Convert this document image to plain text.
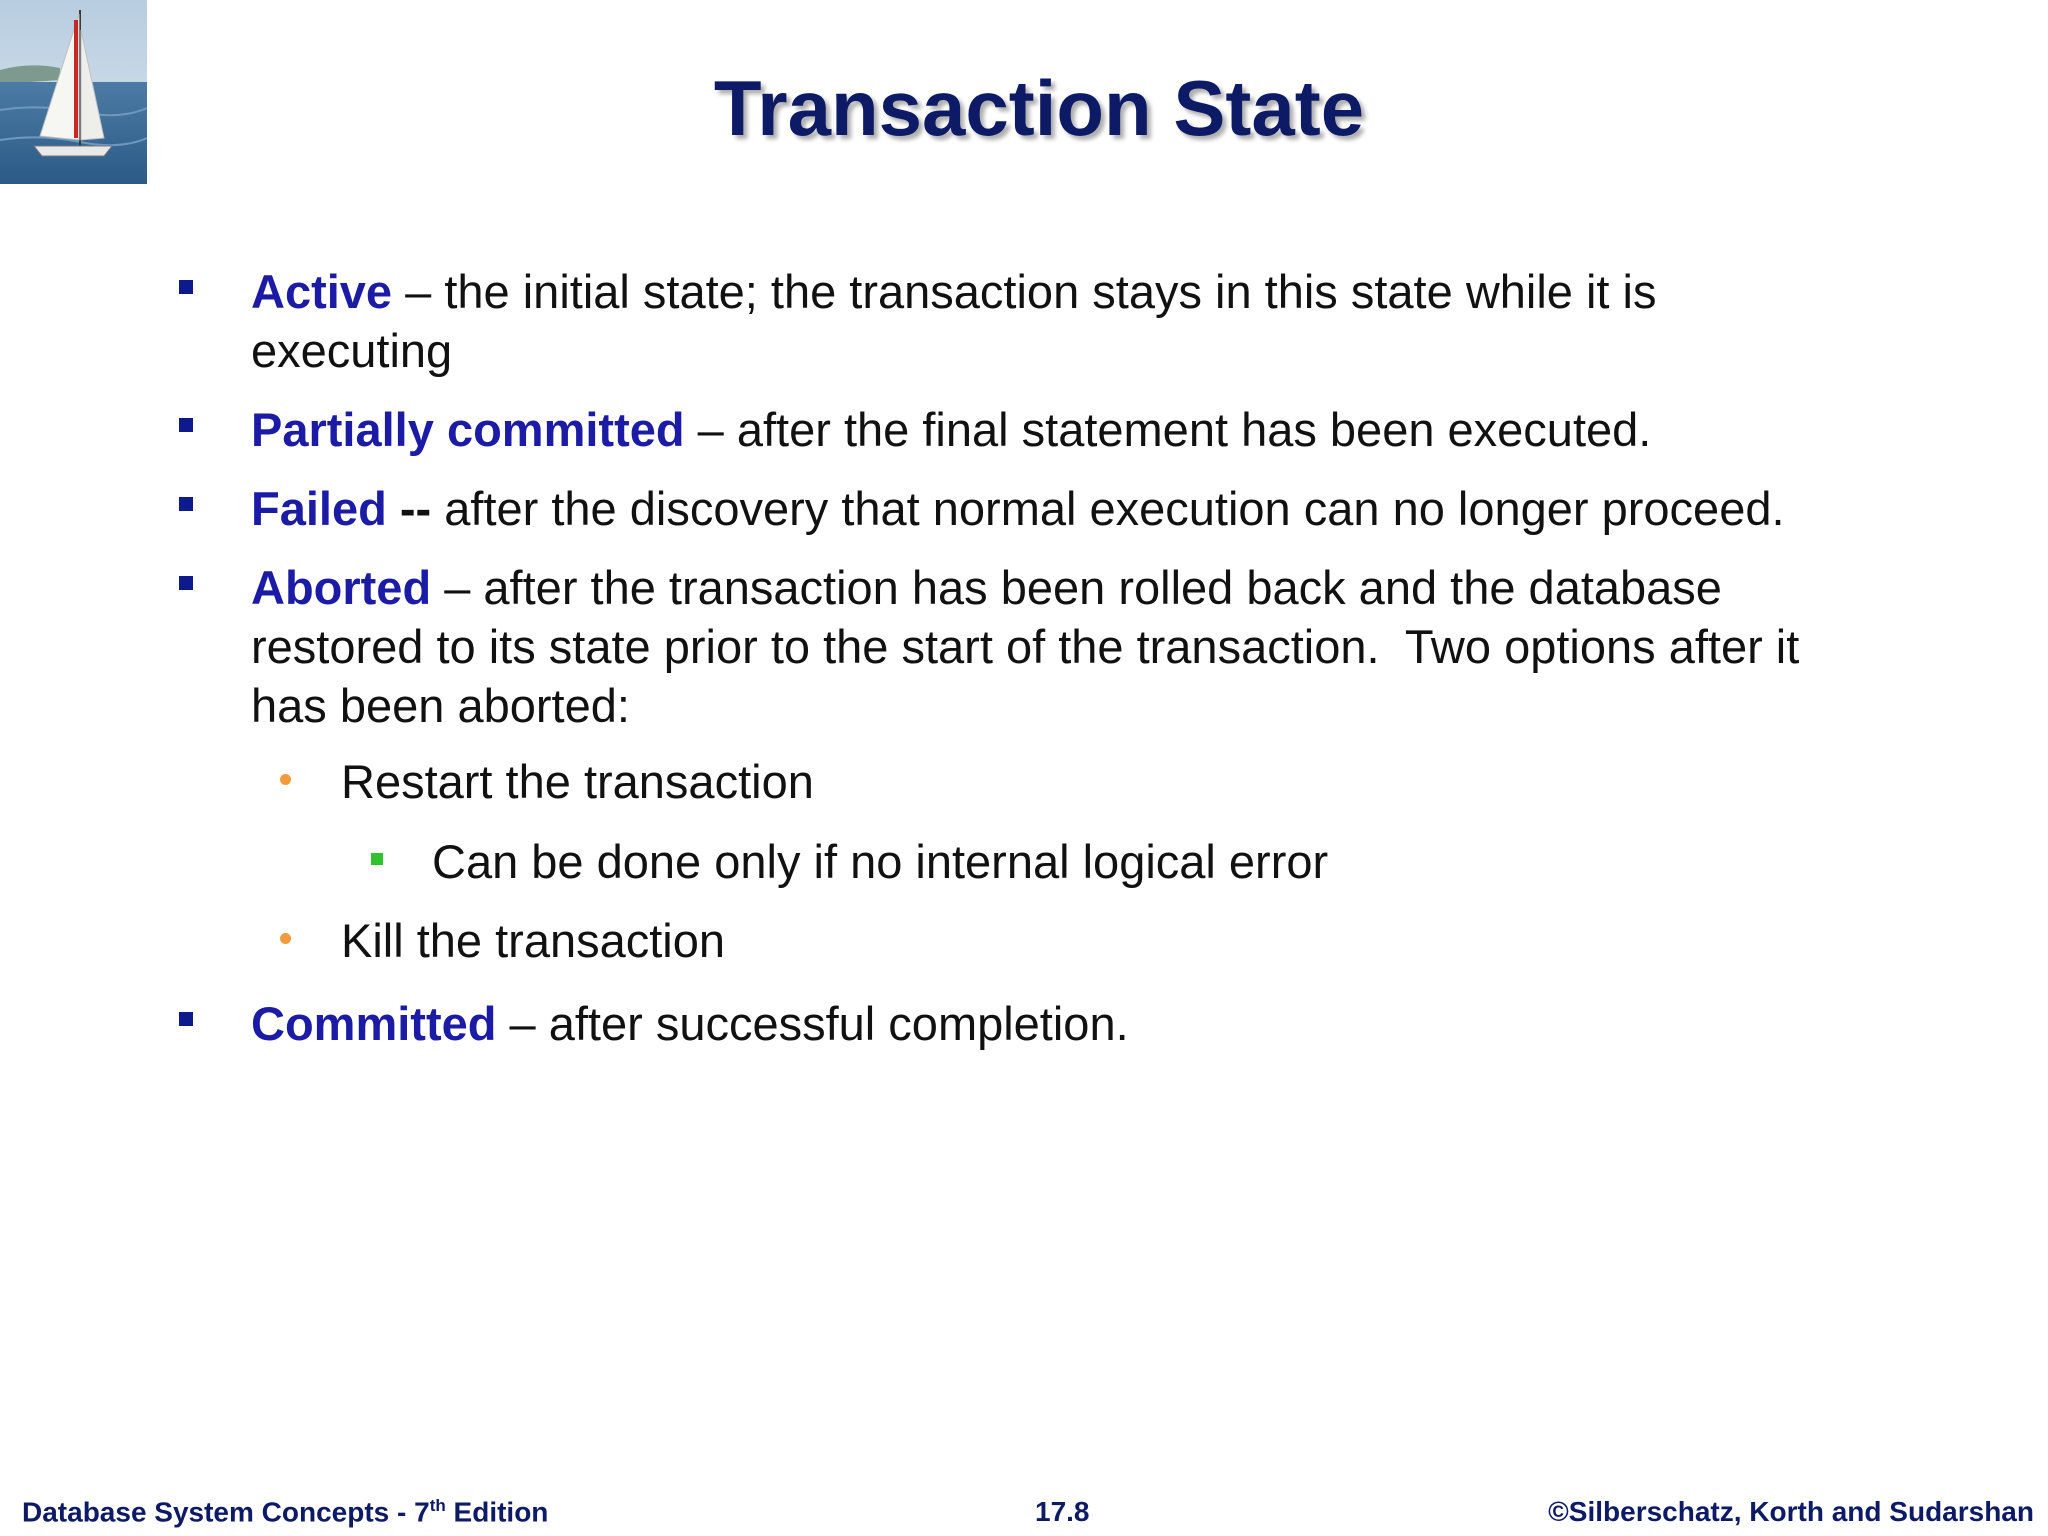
Transaction State
Active – the initial state; the transaction stays in this state while it is
executing
Partially committed – after the final statement has been executed.
Failed -- after the discovery that normal execution can no longer proceed.
Aborted – after the transaction has been rolled back and the database
restored to its state prior to the start of the transaction.  Two options after it
has been aborted:
Restart the transaction
Can be done only if no internal logical error
Kill the transaction
Committed – after successful completion.
Database System Concepts - 7th Edition	17.8	©Silberschatz, Korth and Sudarshan
